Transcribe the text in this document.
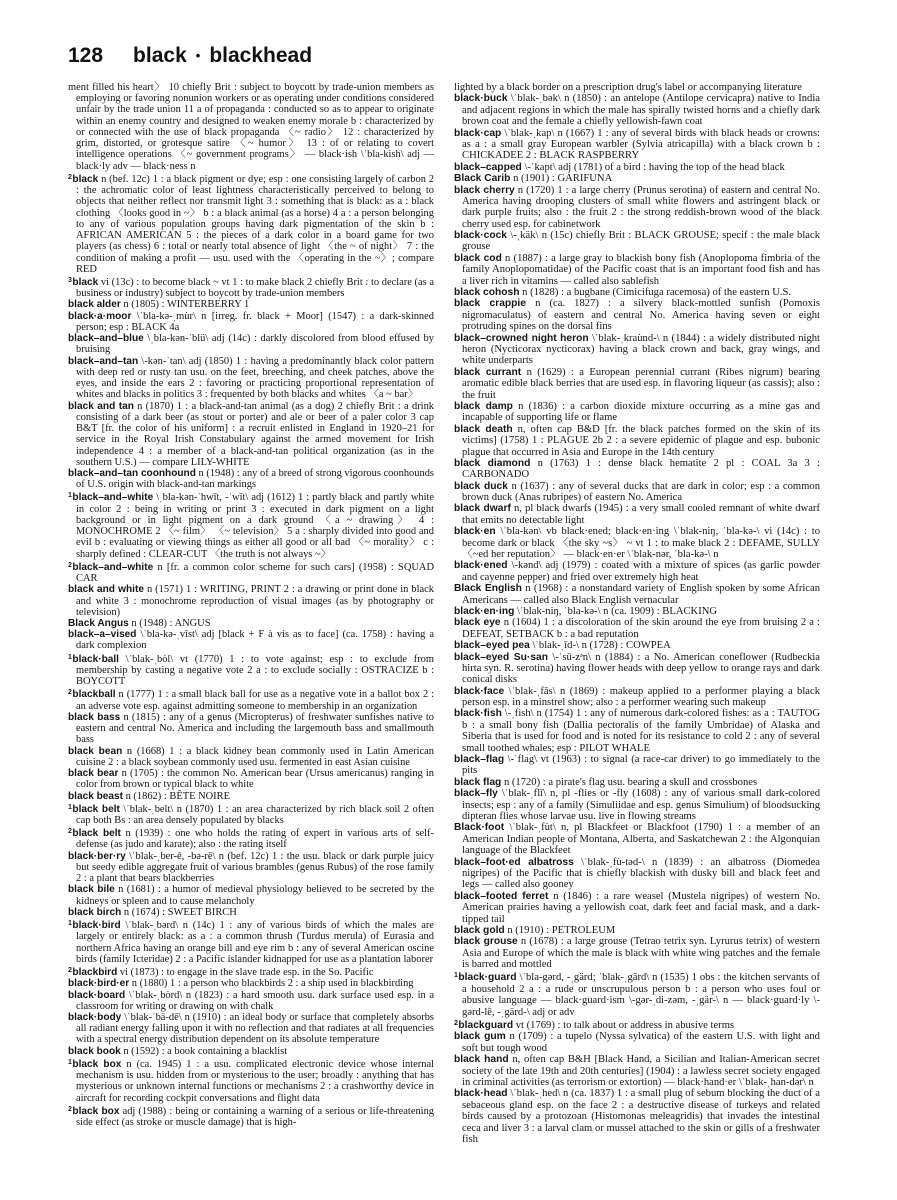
128 black • blackhead

ment filled his heart〉 10 chiefly Brit : subject to boycott by trade-union members as employing or favoring nonunion workers or as operating under conditions considered unfair by the trade union 11 a of propaganda : conducted so as to appear to originate within an enemy country and designed to weaken enemy morale b : characterized by or connected with the use of black propaganda 〈~ radio〉 12 : characterized by grim, distorted, or grotesque satire 〈~ humor〉 13 : of or relating to covert intelligence operations 〈~ government programs〉 — black·ish \ˈbla-kish\ adj — black·ly adv — black·ness n

$^2$black n (bef. 12c) 1 : a black pigment or dye; esp : one consisting largely of carbon 2 : the achromatic color of least lightness characteristically perceived to belong to objects that neither reflect nor transmit light 3 : something that is black: as a : black clothing 〈looks good in ~〉 b : a black animal (as a horse) 4 a : a person belonging to any of various population groups having dark pigmentation of the skin b : AFRICAN AMERICAN 5 : the pieces of a dark color in a board game for two players (as chess) 6 : total or nearly total absence of light 〈the ~ of night〉 7 : the condition of making a profit — usu. used with the 〈operating in the ~〉; compare RED

$^3$black vi (13c) : to become black ~ vt 1 : to make black 2 chiefly Brit : to declare (as a business or industry) subject to boycott by trade-union members

black alder n (1805) : WINTERBERRY 1

black·a·moor \ˈbla-kə-ˌmu̇r\ n [irreg. fr. black + Moor] (1547) : a dark-skinned person; esp : BLACK 4a

black–and–blue \ˌbla-kən-ˈblü\ adj (14c) : darkly discolored from blood effused by bruising

black–and–tan \-kən-ˈtan\ adj (1850) 1 : having a predominantly black color pattern with deep red or rusty tan usu. on the feet, breeching, and cheek patches, above the eyes, and inside the ears 2 : favoring or practicing proportional representation of whites and blacks in politics 3 : frequented by both blacks and whites 〈a ~ bar〉

black and tan n (1870) 1 : a black-and-tan animal (as a dog) 2 chiefly Brit : a drink consisting of a dark beer (as stout or porter) and ale or beer of a paler color 3 cap B&T [fr. the color of his uniform] : a recruit enlisted in England in 1920–21 for service in the Royal Irish Constabulary against the armed movement for Irish independence 4 : a member of a black-and-tan political organization (as in the southern U.S.) — compare LILY-WHITE

black–and–tan coonhound n (1948) : any of a breed of strong vigorous coonhounds of U.S. origin with black-and-tan markings

$^1$black–and–white \ˌbla-kən-ˈhwīt, -ˈwīt\ adj (1612) 1 : partly black and partly white in color 2 : being in writing or print 3 : executed in dark pigment on a light background or in light pigment on a dark ground 〈a ~ drawing〉 4 : MONOCHROME 2 〈~ film〉 〈~ television〉 5 a : sharply divided into good and evil b : evaluating or viewing things as either all good or all bad 〈~ morality〉 c : sharply defined : CLEAR-CUT 〈the truth is not always ~〉

$^2$black–and–white n [fr. a common color scheme for such cars] (1958) : SQUAD CAR

black and white n (1571) 1 : WRITING, PRINT 2 : a drawing or print done in black and white 3 : monochrome reproduction of visual images (as by photography or television)

Black Angus n (1948) : ANGUS

black–a–vised \ˈbla-kə-ˌvīst\ adj [black + F à vis as to face] (ca. 1758) : having a dark complexion

$^1$black·ball \ˈblak-ˌbȯl\ vt (1770) 1 : to vote against; esp : to exclude from membership by casting a negative vote 2 a : to exclude socially : OSTRACIZE b : BOYCOTT

$^2$blackball n (1777) 1 : a small black ball for use as a negative vote in a ballot box 2 : an adverse vote esp. against admitting someone to membership in an organization

black bass n (1815) : any of a genus (Micropterus) of freshwater sunfishes native to eastern and central No. America and including the largemouth bass and smallmouth bass

black bean n (1668) 1 : a black kidney bean commonly used in Latin American cuisine 2 : a black soybean commonly used usu. fermented in east Asian cuisine

black bear n (1705) : the common No. American bear (Ursus americanus) ranging in color from brown or typical black to white

black beast n (1862) : BÊTE NOIRE

$^1$black belt \ˈblak-ˌbelt\ n (1870) 1 : an area characterized by rich black soil 2 often cap both Bs : an area densely populated by blacks

$^2$black belt n (1939) : one who holds the rating of expert in various arts of self-defense (as judo and karate); also : the rating itself

black·ber·ry \ˈblak-ˌber-ē, -bə-rē\ n (bef. 12c) 1 : the usu. black or dark purple juicy but seedy edible aggregate fruit of various brambles (genus Rubus) of the rose family 2 : a plant that bears blackberries

black bile n (1681) : a humor of medieval physiology believed to be secreted by the kidneys or spleen and to cause melancholy

black birch n (1674) : SWEET BIRCH

$^1$black·bird \ˈblak-ˌbərd\ n (14c) 1 : any of various birds of which the males are largely or entirely black: as a : a common thrush (Turdus merula) of Eurasia and northern Africa having an orange bill and eye rim b : any of several American oscine birds (family Icteridae) 2 : a Pacific islander kidnapped for use as a plantation laborer

$^2$blackbird vi (1873) : to engage in the slave trade esp. in the So. Pacific

black·bird·er n (1880) 1 : a person who blackbirds 2 : a ship used in blackbirding

black·board \ˈblak-ˌbȯrd\ n (1823) : a hard smooth usu. dark surface used esp. in a classroom for writing or drawing on with chalk

black·body \ˈblak-ˈbä-dē\ n (1910) : an ideal body or surface that completely absorbs all radiant energy falling upon it with no reflection and that radiates at all frequencies with a spectral energy distribution dependent on its absolute temperature

black book n (1592) : a book containing a blacklist

$^1$black box n (ca. 1945) 1 : a usu. complicated electronic device whose internal mechanism is usu. hidden from or mysterious to the user; broadly : anything that has mysterious or unknown internal functions or mechanisms 2 : a crashworthy device in aircraft for recording cockpit conversations and flight data

$^2$black box adj (1988) : being or containing a warning of a serious or life-threatening side effect (as stroke or muscle damage) that is high-

lighted by a black border on a prescription drug's label or accompanying literature

black·buck \ˈblak-ˌbək\ n (1850) : an antelope (Antilope cervicapra) native to India and adjacent regions in which the male has spirally twisted horns and a chiefly dark brown coat and the female a chiefly yellowish-fawn coat

black·cap \ˈblak-ˌkap\ n (1667) 1 : any of several birds with black heads or crowns: as a : a small gray European warbler (Sylvia atricapilla) with a black crown b : CHICKADEE 2 : BLACK RASPBERRY

black–capped \-ˈkapt\ adj (1781) of a bird : having the top of the head black

Black Carib n (1901) : GARIFUNA

black cherry n (1720) 1 : a large cherry (Prunus serotina) of eastern and central No. America having drooping clusters of small white flowers and astringent black or dark purple fruits; also : the fruit 2 : the strong reddish-brown wood of the black cherry used esp. for cabinetwork

black·cock \-ˌkäk\ n (15c) chiefly Brit : BLACK GROUSE; specif : the male black grouse

black cod n (1887) : a large gray to blackish bony fish (Anoplopoma fimbria of the family Anoplopomatidae) of the Pacific coast that is an important food fish and has a liver rich in vitamins — called also sablefish

black cohosh n (1828) : a bugbane (Cimicifuga racemosa) of the eastern U.S.

black crappie n (ca. 1827) : a silvery black-mottled sunfish (Pomoxis nigromaculatus) of eastern and central No. America having seven or eight protruding spines on the dorsal fins

black–crowned night heron \ˈblak-ˌkrau̇nd-\ n (1844) : a widely distributed night heron (Nycticorax nycticorax) having a black crown and back, gray wings, and white underparts

black currant n (1629) : a European perennial currant (Ribes nigrum) bearing aromatic edible black berries that are used esp. in flavoring liqueur (as cassis); also : the fruit

black damp n (1836) : a carbon dioxide mixture occurring as a mine gas and incapable of supporting life or flame

black death n, often cap B&D [fr. the black patches formed on the skin of its victims] (1758) 1 : PLAGUE 2b 2 : a severe epidemic of plague and esp. bubonic plague that occurred in Asia and Europe in the 14th century

black diamond n (1763) 1 : dense black hematite 2 pl : COAL 3a 3 : CARBONADO

black duck n (1637) : any of several ducks that are dark in color; esp : a common brown duck (Anas rubripes) of eastern No. America

black dwarf n, pl black dwarfs (1945) : a very small cooled remnant of white dwarf that emits no detectable light

black·en \ˈbla-kən\ vb black·ened; black·en·ing \ˈblak-niŋ, ˈbla-kə-\ vi (14c) : to become dark or black 〈the sky ~s〉 ~ vt 1 : to make black 2 : DEFAME, SULLY 〈~ed her reputation〉 — black·en·er \ˈblak-nər, ˈbla-kə-\ n

black·ened \-kənd\ adj (1979) : coated with a mixture of spices (as garlic powder and cayenne pepper) and fried over extremely high heat

Black English n (1968) : a nonstandard variety of English spoken by some African Americans — called also Black English vernacular

black·en·ing \ˈblak-niŋ, ˈbla-kə-\ n (ca. 1909) : BLACKING

black eye n (1604) 1 : a discoloration of the skin around the eye from bruising 2 a : DEFEAT, SETBACK b : a bad reputation

black–eyed pea \ˈblak-ˌīd-\ n (1728) : COWPEA

black–eyed Su·san \-ˈsü-zᵊn\ n (1884) : a No. American coneflower (Rudbeckia hirta syn. R. serotina) having flower heads with deep yellow to orange rays and dark conical disks

black·face \ˈblak-ˌfās\ n (1869) : makeup applied to a performer playing a black person esp. in a minstrel show; also : a performer wearing such makeup

black·fish \-ˌfish\ n (1754) 1 : any of numerous dark-colored fishes: as a : TAUTOG b : a small bony fish (Dallia pectoralis of the family Umbridae) of Alaska and Siberia that is used for food and is noted for its resistance to cold 2 : any of several small toothed whales; esp : PILOT WHALE

black–flag \-ˈflag\ vt (1963) : to signal (a race-car driver) to go immediately to the pits

black flag n (1720) : a pirate's flag usu. bearing a skull and crossbones

black–fly \ˈblak-ˌflī\ n, pl -flies or -fly (1608) : any of various small dark-colored insects; esp : any of a family (Simuliidae and esp. genus Simulium) of bloodsucking dipteran flies whose larvae usu. live in flowing streams

Black·foot \ˈblak-ˌfu̇t\ n, pl Blackfeet or Blackfoot (1790) 1 : a member of an American Indian people of Montana, Alberta, and Saskatchewan 2 : the Algonquian language of the Blackfeet

black–foot·ed albatross \ˈblak-ˌfu̇-təd-\ n (1839) : an albatross (Diomedea nigripes) of the Pacific that is chiefly blackish with dusky bill and black feet and legs — called also gooney

black–footed ferret n (1846) : a rare weasel (Mustela nigripes) of western No. American prairies having a yellowish coat, dark feet and facial mask, and a dark-tipped tail

black gold n (1910) : PETROLEUM

black grouse n (1678) : a large grouse (Tetrao tetrix syn. Lyrurus tetrix) of western Asia and Europe of which the male is black with white wing patches and the female is barred and mottled

$^1$black·guard \ˈbla-gərd, -ˌgärd; ˈblak-ˌgärd\ n (1535) 1 obs : the kitchen servants of a household 2 a : a rude or unscrupulous person b : a person who uses foul or abusive language — black·guard·ism \-gər-ˌdi-zəm, -ˌgär-\ n — black·guard·ly \-gərd-lē, -ˌgärd-\ adj or adv

$^2$blackguard vt (1769) : to talk about or address in abusive terms

black gum n (1709) : a tupelo (Nyssa sylvatica) of the eastern U.S. with light and soft but tough wood

black hand n, often cap B&H [Black Hand, a Sicilian and Italian-American secret society of the late 19th and 20th centuries] (1904) : a lawless secret society engaged in criminal activities (as terrorism or extortion) — black·hand·er \ˈblak-ˌhan-dər\ n

black·head \ˈblak-ˌhed\ n (ca. 1837) 1 : a small plug of sebum blocking the duct of a sebaceous gland esp. on the face 2 : a destructive disease of turkeys and related birds caused by a protozoan (Histomonas meleagridis) that invades the intestinal ceca and liver 3 : a larval clam or mussel attached to the skin or gills of a freshwater fish
